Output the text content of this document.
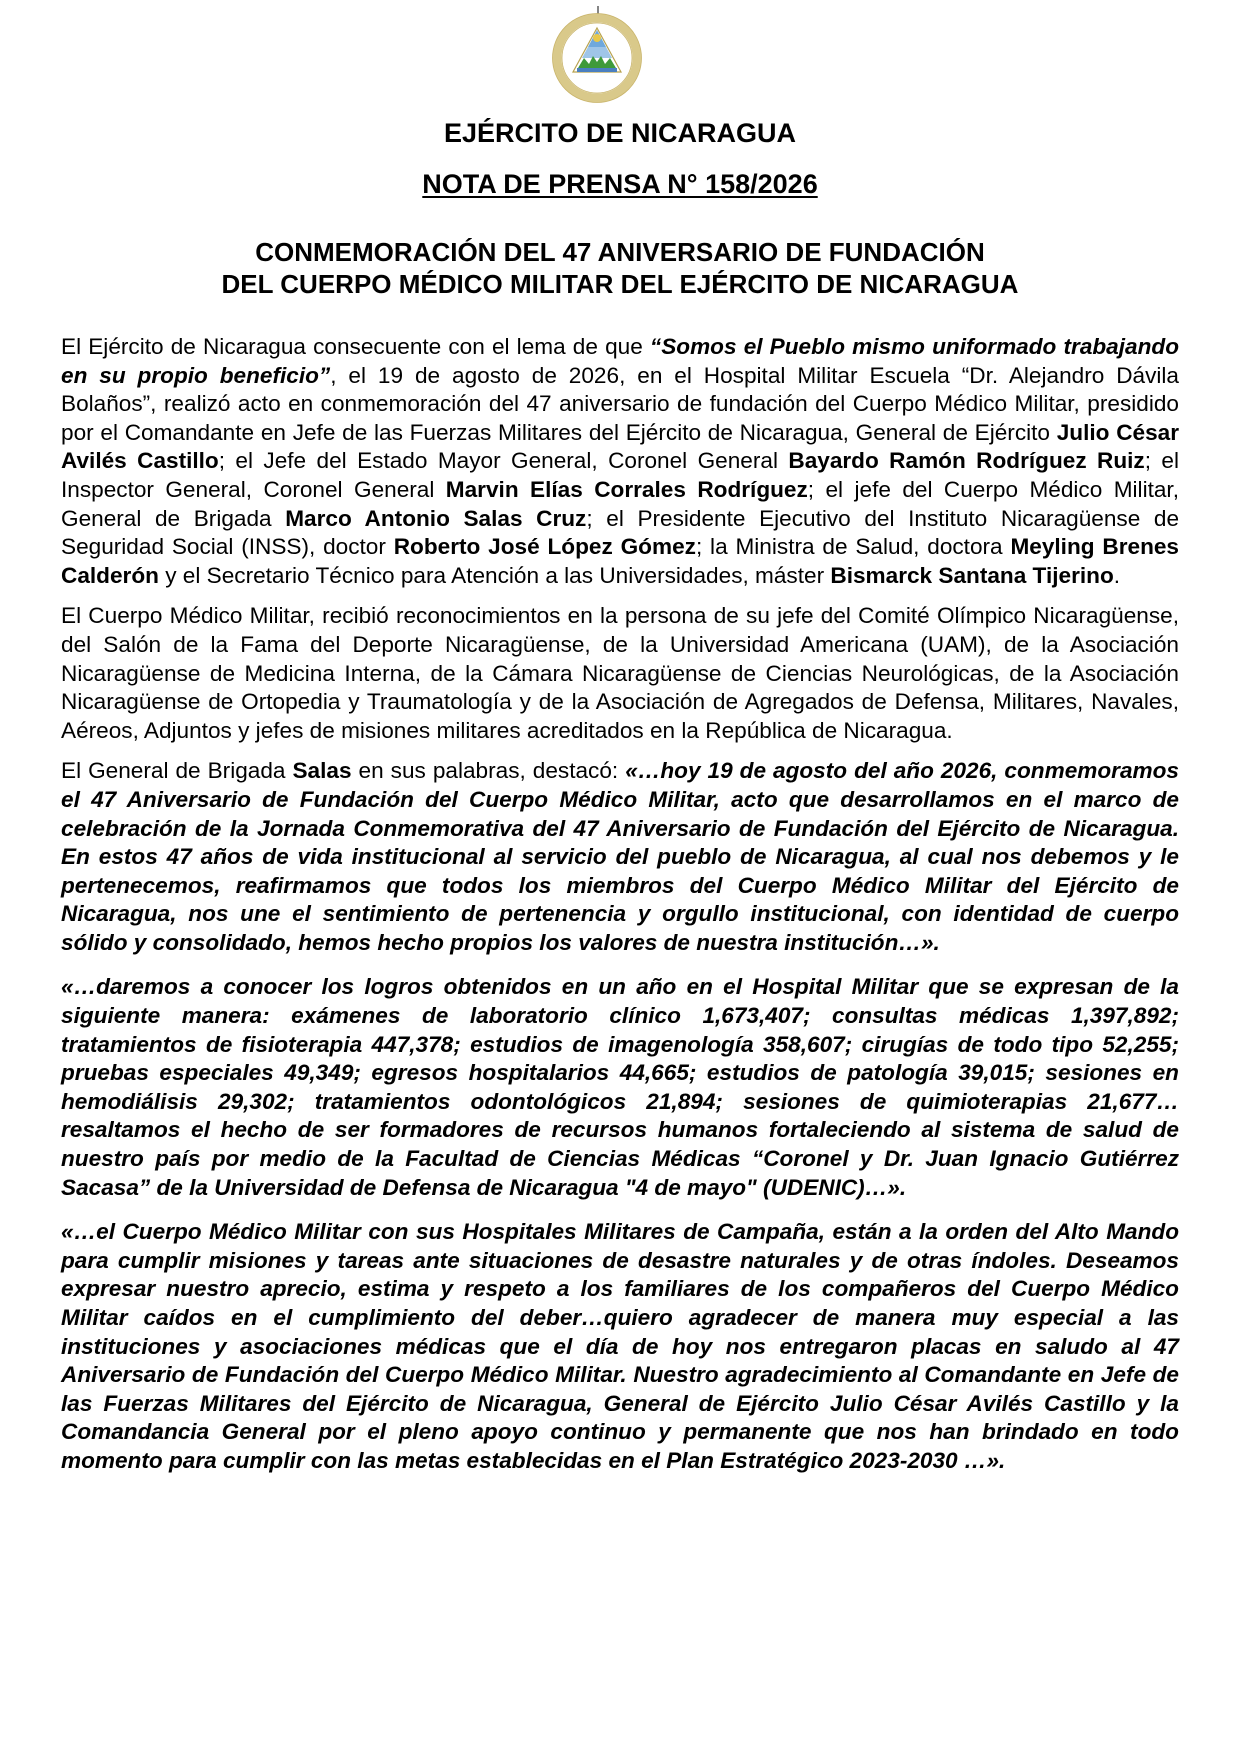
EJÉRCITO DE NICARAGUA
NOTA DE PRENSA N° 158/2026
CONMEMORACIÓN DEL 47 ANIVERSARIO DE FUNDACIÓN
DEL CUERPO MÉDICO MILITAR DEL EJÉRCITO DE NICARAGUA

El Ejército de Nicaragua consecuente con el lema de que “Somos el Pueblo mismo uniformado trabajando en su propio beneficio”, el 19 de agosto de 2026, en el Hospital Militar Escuela “Dr. Alejandro Dávila Bolaños”, realizó acto en conmemoración del 47 aniversario de fundación del Cuerpo Médico Militar, presidido por el Comandante en Jefe de las Fuerzas Militares del Ejército de Nicaragua, General de Ejército Julio César Avilés Castillo; el Jefe del Estado Mayor General, Coronel General Bayardo Ramón Rodríguez Ruiz; el Inspector General, Coronel General Marvin Elías Corrales Rodríguez; el jefe del Cuerpo Médico Militar, General de Brigada Marco Antonio Salas Cruz; el Presidente Ejecutivo del Instituto Nicaragüense de Seguridad Social (INSS), doctor Roberto José López Gómez; la Ministra de Salud, doctora Meyling Brenes Calderón y el Secretario Técnico para Atención a las Universidades, máster Bismarck Santana Tijerino.

El Cuerpo Médico Militar, recibió reconocimientos en la persona de su jefe del Comité Olímpico Nicaragüense, del Salón de la Fama del Deporte Nicaragüense, de la Universidad Americana (UAM), de la Asociación Nicaragüense de Medicina Interna, de la Cámara Nicaragüense de Ciencias Neurológicas, de la Asociación Nicaragüense de Ortopedia y Traumatología y de la Asociación de Agregados de Defensa, Militares, Navales, Aéreos, Adjuntos y jefes de misiones militares acreditados en la República de Nicaragua.

El General de Brigada Salas en sus palabras, destacó: «…hoy 19 de agosto del año 2026, conmemoramos el 47 Aniversario de Fundación del Cuerpo Médico Militar, acto que desarrollamos en el marco de celebración de la Jornada Conmemorativa del 47 Aniversario de Fundación del Ejército de Nicaragua. En estos 47 años de vida institucional al servicio del pueblo de Nicaragua, al cual nos debemos y le pertenecemos, reafirmamos que todos los miembros del Cuerpo Médico Militar del Ejército de Nicaragua, nos une el sentimiento de pertenencia y orgullo institucional, con identidad de cuerpo sólido y consolidado, hemos hecho propios los valores de nuestra institución…».

«…daremos a conocer los logros obtenidos en un año en el Hospital Militar que se expresan de la siguiente manera: exámenes de laboratorio clínico 1,673,407; consultas médicas 1,397,892; tratamientos de fisioterapia 447,378; estudios de imagenología 358,607; cirugías de todo tipo 52,255; pruebas especiales 49,349; egresos hospitalarios 44,665; estudios de patología 39,015; sesiones en hemodiálisis 29,302; tratamientos odontológicos 21,894; sesiones de quimioterapias 21,677…resaltamos el hecho de ser formadores de recursos humanos fortaleciendo al sistema de salud de nuestro país por medio de la Facultad de Ciencias Médicas “Coronel y Dr. Juan Ignacio Gutiérrez Sacasa” de la Universidad de Defensa de Nicaragua "4 de mayo" (UDENIC)…».

«…el Cuerpo Médico Militar con sus Hospitales Militares de Campaña, están a la orden del Alto Mando para cumplir misiones y tareas ante situaciones de desastre naturales y de otras índoles. Deseamos expresar nuestro aprecio, estima y respeto a los familiares de los compañeros del Cuerpo Médico Militar caídos en el cumplimiento del deber…quiero agradecer de manera muy especial a las instituciones y asociaciones médicas que el día de hoy nos entregaron placas en saludo al 47 Aniversario de Fundación del Cuerpo Médico Militar. Nuestro agradecimiento al Comandante en Jefe de las Fuerzas Militares del Ejército de Nicaragua, General de Ejército Julio César Avilés Castillo y la Comandancia General por el pleno apoyo continuo y permanente que nos han brindado en todo momento para cumplir con las metas establecidas en el Plan Estratégico 2023-2030 …».
